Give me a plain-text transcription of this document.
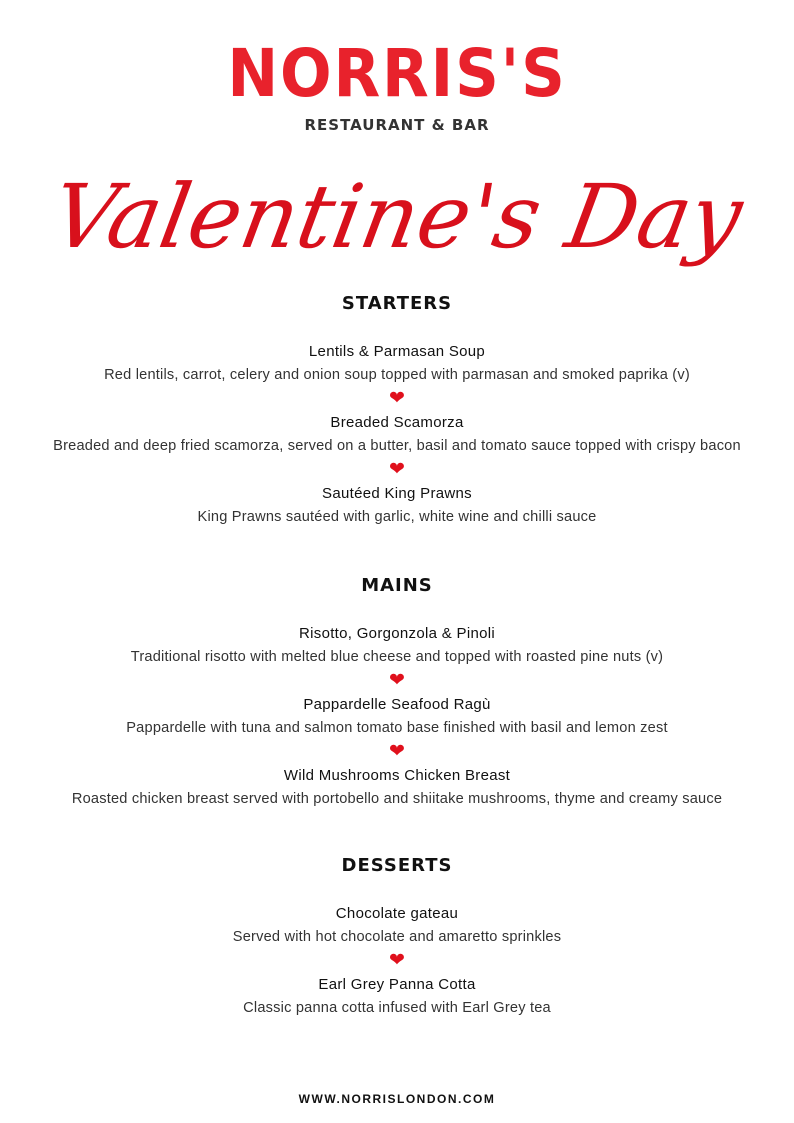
NORRIS'S
RESTAURANT & BAR
Valentine's Day
STARTERS
Lentils & Parmasan Soup
Red lentils, carrot, celery and onion soup topped with parmasan and smoked paprika (v)
❤
Breaded Scamorza
Breaded and deep fried scamorza, served on a butter, basil and tomato sauce topped with crispy bacon
❤
Sautéed King Prawns
King Prawns sautéed with garlic, white wine and chilli sauce
MAINS
Risotto, Gorgonzola & Pinoli
Traditional risotto with melted blue cheese and topped with roasted pine nuts (v)
❤
Pappardelle Seafood Ragù
Pappardelle with tuna and salmon tomato base finished with basil and lemon zest
❤
Wild Mushrooms Chicken Breast
Roasted chicken breast served with portobello and shiitake mushrooms, thyme and creamy sauce
DESSERTS
Chocolate gateau
Served with hot chocolate and amaretto sprinkles
❤
Earl Grey Panna Cotta
Classic panna cotta infused with Earl Grey tea
WWW.NORRISLONDON.COM
